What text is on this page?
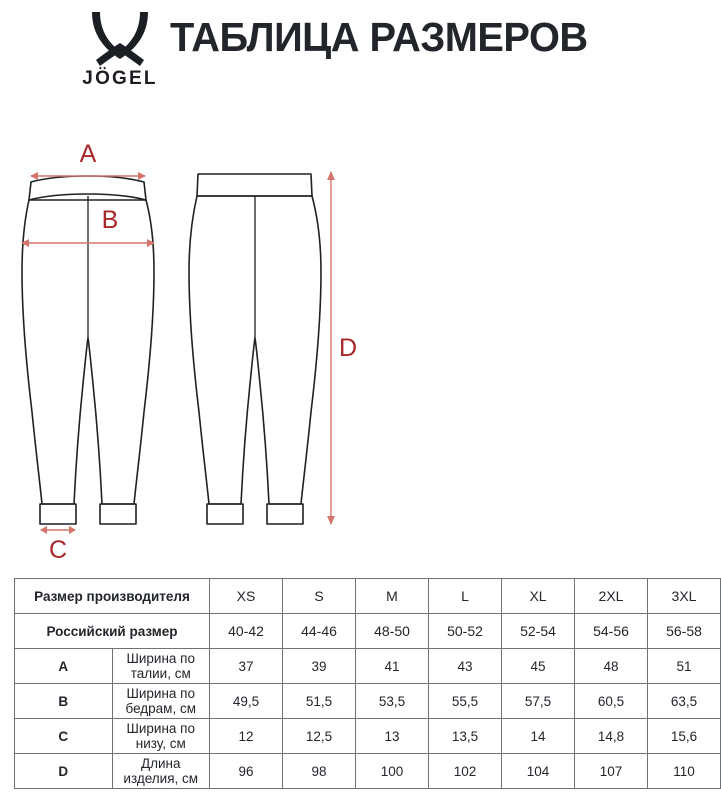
JÖGEL
ТАБЛИЦА РАЗМЕРОВ
A
B
C
D
Размер производителя		XS	S	M	L	XL	2XL	3XL
Российский размер		40-42	44-46	48-50	50-52	52-54	54-56	56-58
A	Ширина по талии, см	37	39	41	43	45	48	51
B	Ширина по бедрам, см	49,5	51,5	53,5	55,5	57,5	60,5	63,5
C	Ширина по низу, см	12	12,5	13	13,5	14	14,8	15,6
D	Длина изделия, см	96	98	100	102	104	107	110
